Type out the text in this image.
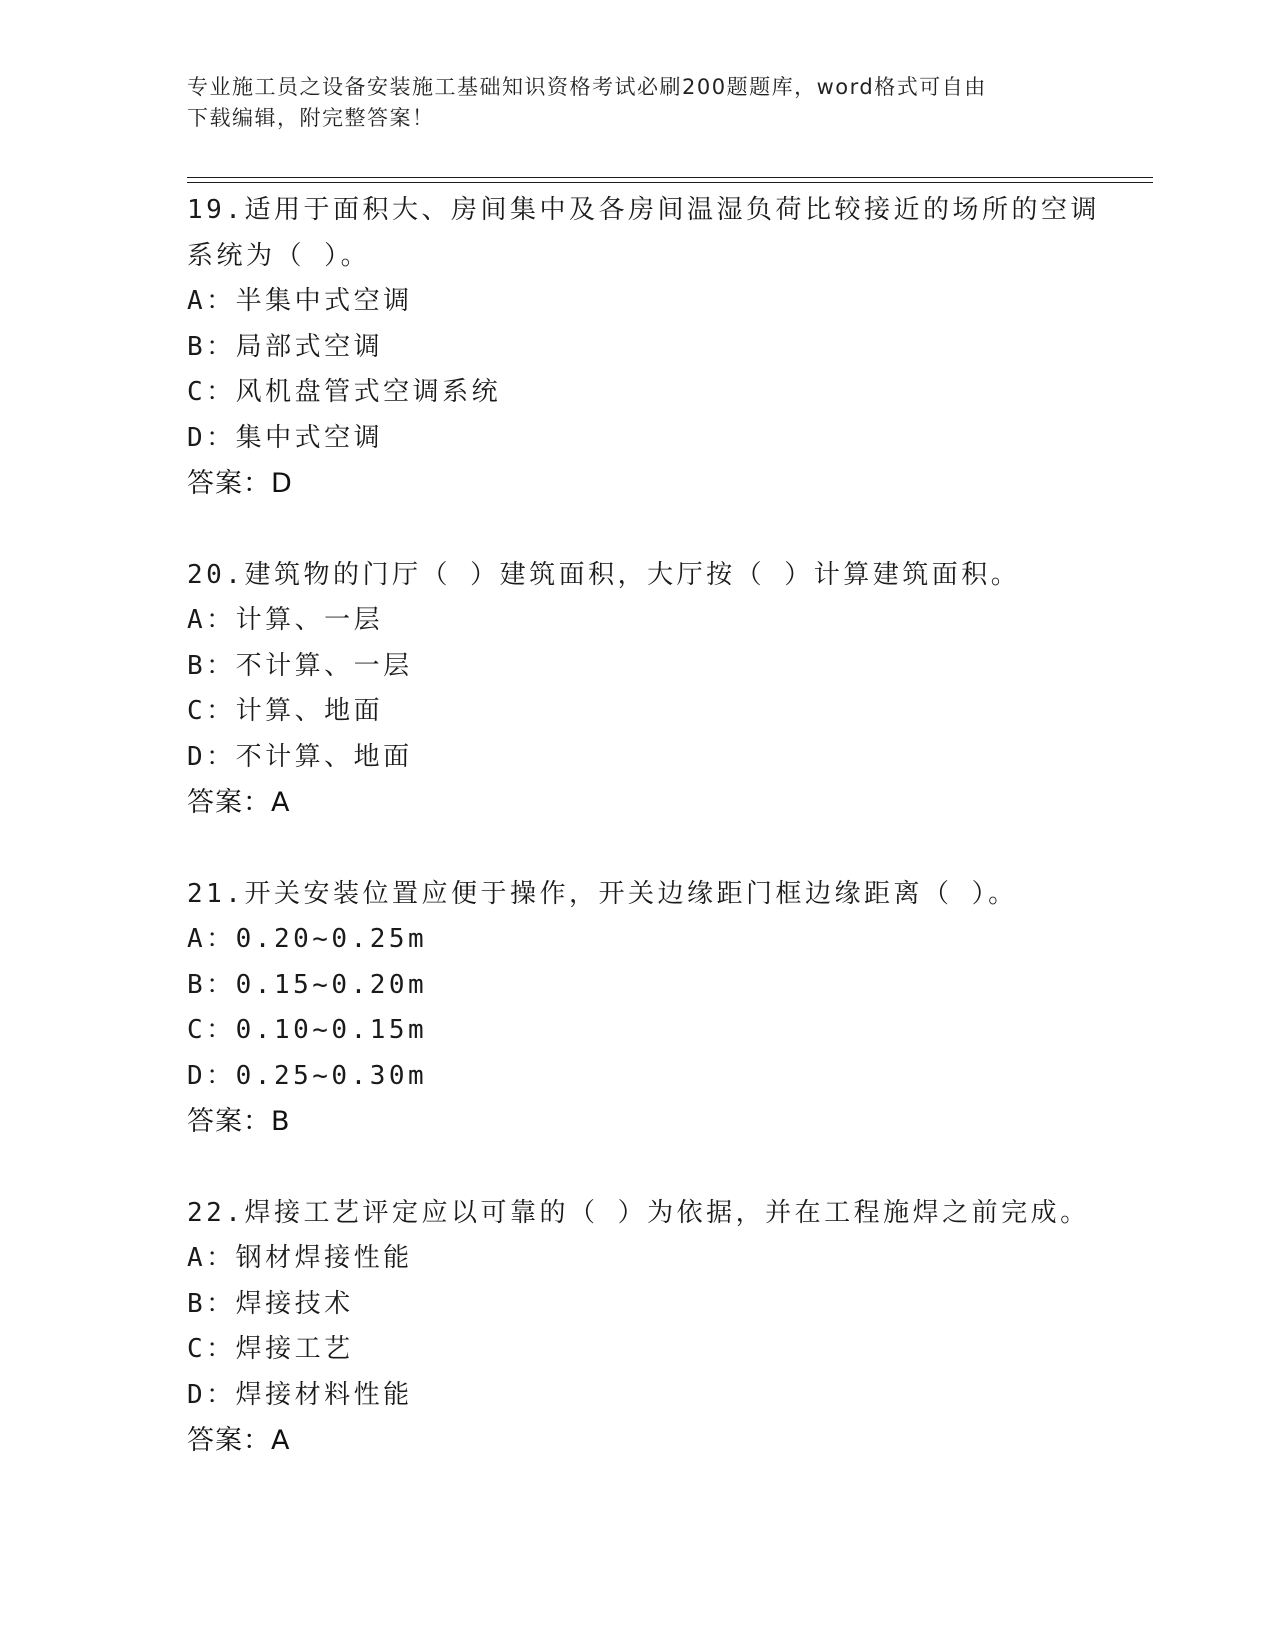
专业施工员之设备安装施工基础知识资格考试必刷200题题库，word格式可自由
下载编辑，附完整答案！
19.适用于面积大、房间集中及各房间温湿负荷比较接近的场所的空调
系统为（ ）。
A：半集中式空调
B：局部式空调
C：风机盘管式空调系统
D：集中式空调
答案：D
20.建筑物的门厅（ ）建筑面积，大厅按（ ）计算建筑面积。
A：计算、一层
B：不计算、一层
C：计算、地面
D：不计算、地面
答案：A
21.开关安装位置应便于操作，开关边缘距门框边缘距离（ ）。
A：0.20~0.25m
B：0.15~0.20m
C：0.10~0.15m
D：0.25~0.30m
答案：B
22.焊接工艺评定应以可靠的（ ）为依据，并在工程施焊之前完成。
A：钢材焊接性能
B：焊接技术
C：焊接工艺
D：焊接材料性能
答案：A
